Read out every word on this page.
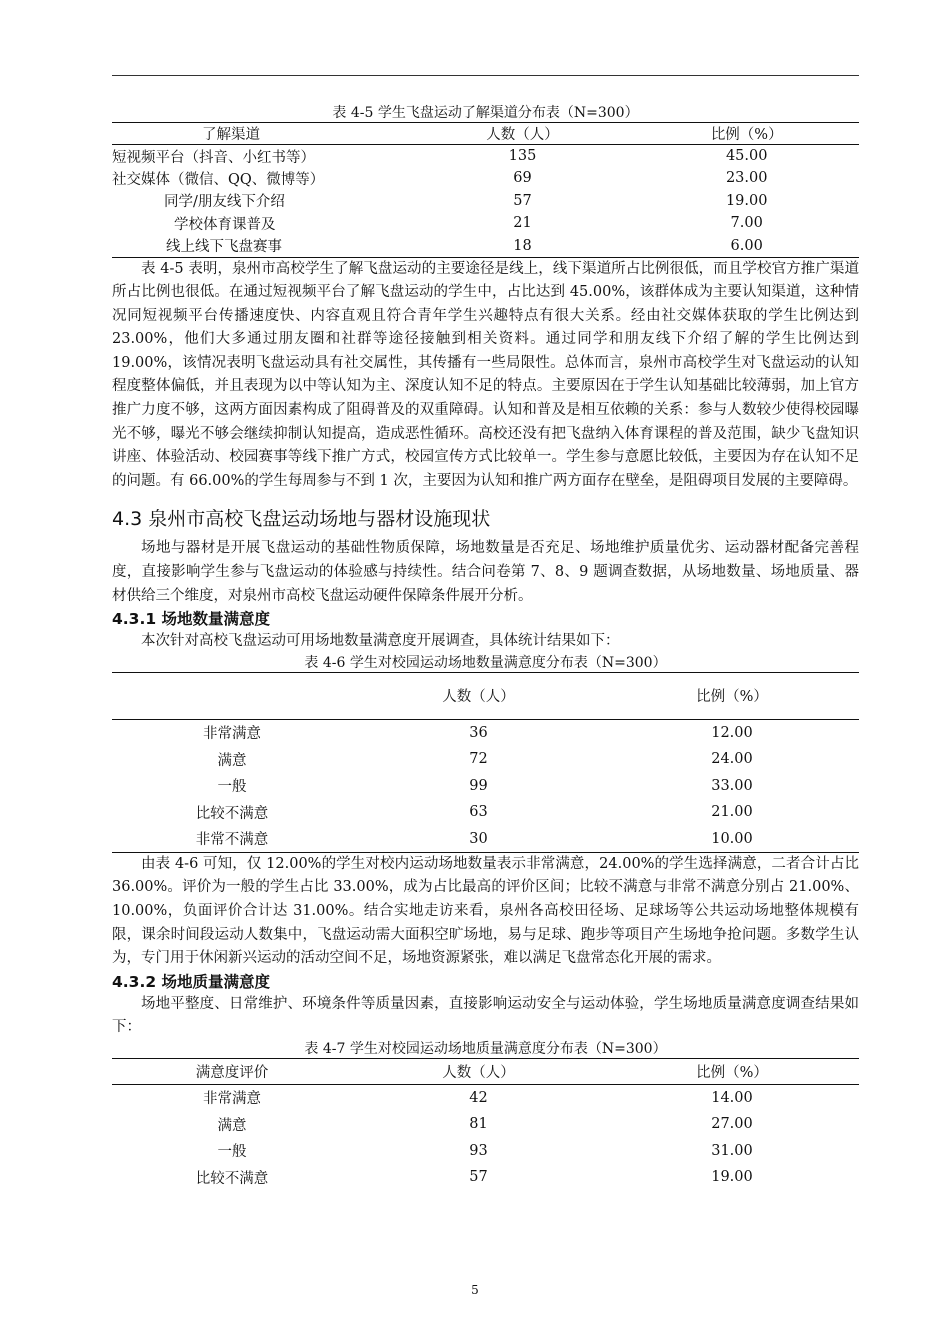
表 4-5 学生飞盘运动了解渠道分布表（N=300）

了解渠道	人数（人）	比例（%）
短视频平台（抖音、小红书等）	135	45.00
社交媒体（微信、QQ、微博等）	69	23.00
同学/朋友线下介绍	57	19.00
学校体育课普及	21	7.00
线上线下飞盘赛事	18	6.00

表 4-5 表明，泉州市高校学生了解飞盘运动的主要途径是线上，线下渠道所占比例很低，而且学校官方推广渠道所占比例也很低。在通过短视频平台了解飞盘运动的学生中，占比达到 45.00%，该群体成为主要认知渠道，这种情况同短视频平台传播速度快、内容直观且符合青年学生兴趣特点有很大关系。经由社交媒体获取的学生比例达到 23.00%，他们大多通过朋友圈和社群等途径接触到相关资料。通过同学和朋友线下介绍了解的学生比例达到 19.00%，该情况表明飞盘运动具有社交属性，其传播有一些局限性。总体而言，泉州市高校学生对飞盘运动的认知程度整体偏低，并且表现为以中等认知为主、深度认知不足的特点。主要原因在于学生认知基础比较薄弱，加上官方推广力度不够，这两方面因素构成了阻碍普及的双重障碍。认知和普及是相互依赖的关系：参与人数较少使得校园曝光不够，曝光不够会继续抑制认知提高，造成恶性循环。高校还没有把飞盘纳入体育课程的普及范围，缺少飞盘知识讲座、体验活动、校园赛事等线下推广方式，校园宣传方式比较单一。学生参与意愿比较低，主要因为存在认知不足的问题。有 66.00%的学生每周参与不到 1 次，主要因为认知和推广两方面存在壁垒，是阻碍项目发展的主要障碍。

4.3 泉州市高校飞盘运动场地与器材设施现状

场地与器材是开展飞盘运动的基础性物质保障，场地数量是否充足、场地维护质量优劣、运动器材配备完善程度，直接影响学生参与飞盘运动的体验感与持续性。结合问卷第 7、8、9 题调查数据，从场地数量、场地质量、器材供给三个维度，对泉州市高校飞盘运动硬件保障条件展开分析。

4.3.1 场地数量满意度

本次针对高校飞盘运动可用场地数量满意度开展调查，具体统计结果如下：

表 4-6 学生对校园运动场地数量满意度分布表（N=300）

	人数（人）	比例（%）
非常满意	36	12.00
满意	72	24.00
一般	99	33.00
比较不满意	63	21.00
非常不满意	30	10.00

由表 4-6 可知，仅 12.00%的学生对校内运动场地数量表示非常满意，24.00%的学生选择满意，二者合计占比 36.00%。评价为一般的学生占比 33.00%，成为占比最高的评价区间；比较不满意与非常不满意分别占 21.00%、10.00%，负面评价合计达 31.00%。结合实地走访来看，泉州各高校田径场、足球场等公共运动场地整体规模有限，课余时间段运动人数集中，飞盘运动需大面积空旷场地，易与足球、跑步等项目产生场地争抢问题。多数学生认为，专门用于休闲新兴运动的活动空间不足，场地资源紧张，难以满足飞盘常态化开展的需求。

4.3.2 场地质量满意度

场地平整度、日常维护、环境条件等质量因素，直接影响运动安全与运动体验，学生场地质量满意度调查结果如下：

表 4-7 学生对校园运动场地质量满意度分布表（N=300）

满意度评价	人数（人）	比例（%）
非常满意	42	14.00
满意	81	27.00
一般	93	31.00
比较不满意	57	19.00
5
